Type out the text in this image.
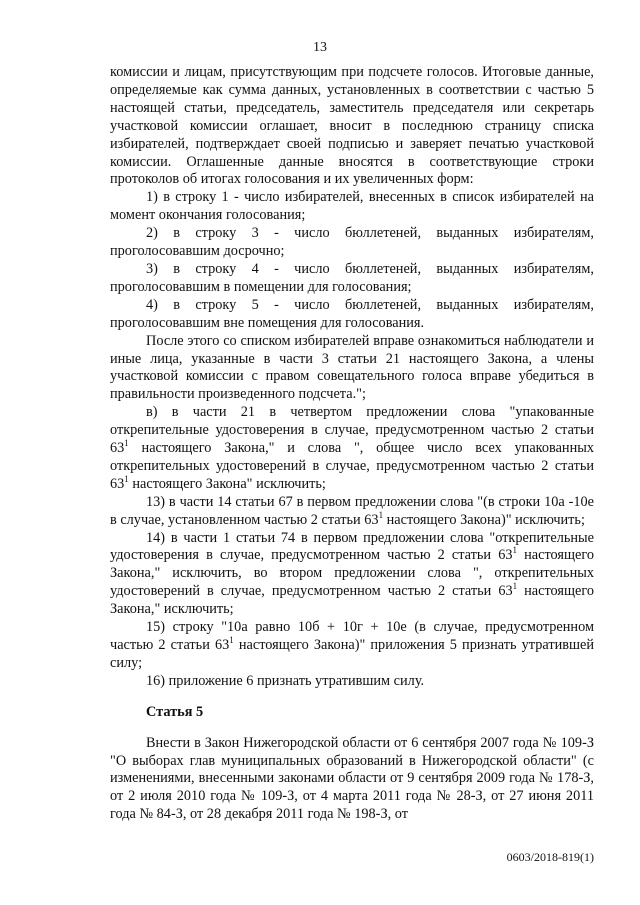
13

комиссии и лицам, присутствующим при подсчете голосов. Итоговые данные, определяемые как сумма данных, установленных в соответствии с частью 5 настоящей статьи, председатель, заместитель председателя или секретарь участковой комиссии оглашает, вносит в последнюю страницу списка избирателей, подтверждает своей подписью и заверяет печатью участковой комиссии. Оглашенные данные вносятся в соответствующие строки протоколов об итогах голосования и их увеличенных форм:

1) в строку 1 - число избирателей, внесенных в список избирателей на момент окончания голосования;

2) в строку 3 - число бюллетеней, выданных избирателям, проголосовавшим досрочно;

3) в строку 4 - число бюллетеней, выданных избирателям, проголосовавшим в помещении для голосования;

4) в строку 5 - число бюллетеней, выданных избирателям, проголосовавшим вне помещения для голосования.

После этого со списком избирателей вправе ознакомиться наблюдатели и иные лица, указанные в части 3 статьи 21 настоящего Закона, а члены участковой комиссии с правом совещательного голоса вправе убедиться в правильности произведенного подсчета.";

в) в части 21 в четвертом предложении слова "упакованные открепительные удостоверения в случае, предусмотренном частью 2 статьи $63^1$ настоящего Закона," и слова ", общее число всех упакованных открепительных удостоверений в случае, предусмотренном частью 2 статьи $63^1$ настоящего Закона" исключить;

13) в части 14 статьи 67 в первом предложении слова "(в строки 10а -10е в случае, установленном частью 2 статьи $63^1$ настоящего Закона)" исключить;

14) в части 1 статьи 74 в первом предложении слова "открепительные удостоверения в случае, предусмотренном частью 2 статьи $63^1$ настоящего Закона," исключить, во втором предложении слова ", открепительных удостоверений в случае, предусмотренном частью 2 статьи $63^1$ настоящего Закона," исключить;

15) строку "10а равно 10б + 10г + 10е (в случае, предусмотренном частью 2 статьи $63^1$ настоящего Закона)" приложения 5 признать утратившей силу;

16) приложение 6 признать утратившим силу.

Статья 5

Внести в Закон Нижегородской области от 6 сентября 2007 года № 109-З "О выборах глав муниципальных образований в Нижегородской области" (с изменениями, внесенными законами области от 9 сентября 2009 года № 178-З, от 2 июля 2010 года № 109-З, от 4 марта 2011 года № 28-З, от 27 июня 2011 года № 84-З, от 28 декабря 2011 года № 198-З, от

0603/2018-819(1)
